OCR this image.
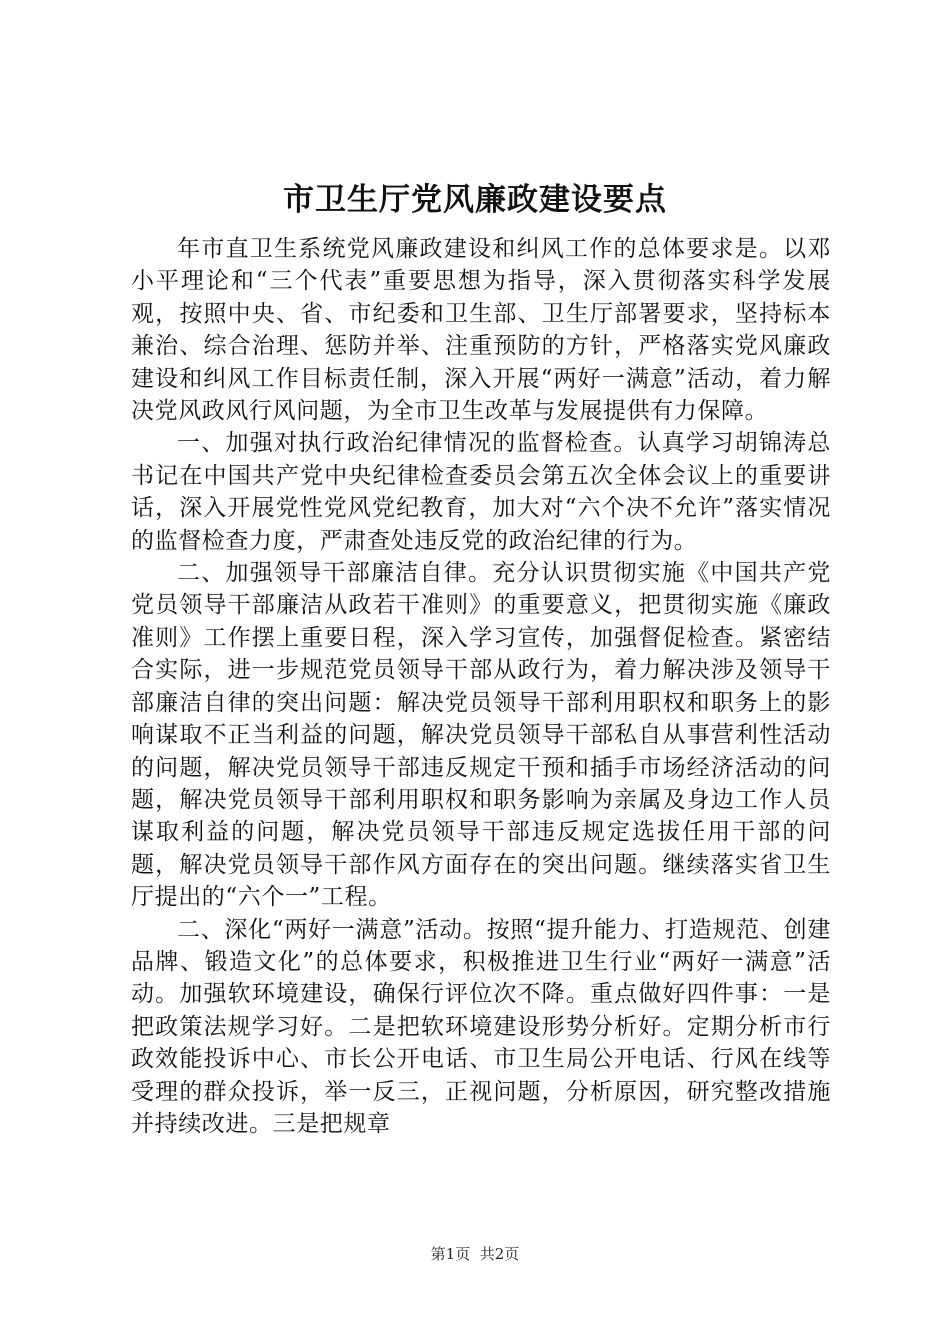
市卫生厅党风廉政建设要点

年市直卫生系统党风廉政建设和纠风工作的总体要求是。以邓小平理论和“三个代表”重要思想为指导，深入贯彻落实科学发展观，按照中央、省、市纪委和卫生部、卫生厅部署要求，坚持标本兼治、综合治理、惩防并举、注重预防的方针，严格落实党风廉政建设和纠风工作目标责任制，深入开展“两好一满意”活动，着力解决党风政风行风问题，为全市卫生改革与发展提供有力保障。

一、加强对执行政治纪律情况的监督检查。认真学习胡锦涛总书记在中国共产党中央纪律检查委员会第五次全体会议上的重要讲话，深入开展党性党风党纪教育，加大对“六个决不允许”落实情况的监督检查力度，严肃查处违反党的政治纪律的行为。

二、加强领导干部廉洁自律。充分认识贯彻实施《中国共产党党员领导干部廉洁从政若干准则》的重要意义，把贯彻实施《廉政准则》工作摆上重要日程，深入学习宣传，加强督促检查。紧密结合实际，进一步规范党员领导干部从政行为，着力解决涉及领导干部廉洁自律的突出问题：解决党员领导干部利用职权和职务上的影响谋取不正当利益的问题，解决党员领导干部私自从事营利性活动的问题，解决党员领导干部违反规定干预和插手市场经济活动的问题，解决党员领导干部利用职权和职务影响为亲属及身边工作人员谋取利益的问题，解决党员领导干部违反规定选拔任用干部的问题，解决党员领导干部作风方面存在的突出问题。继续落实省卫生厅提出的“六个一”工程。

二、深化“两好一满意”活动。按照“提升能力、打造规范、创建品牌、锻造文化”的总体要求，积极推进卫生行业“两好一满意”活动。加强软环境建设，确保行评位次不降。重点做好四件事：一是把政策法规学习好。二是把软环境建设形势分析好。定期分析市行政效能投诉中心、市长公开电话、市卫生局公开电话、行风在线等受理的群众投诉，举一反三，正视问题，分析原因，研究整改措施并持续改进。三是把规章

第1页 共2页
